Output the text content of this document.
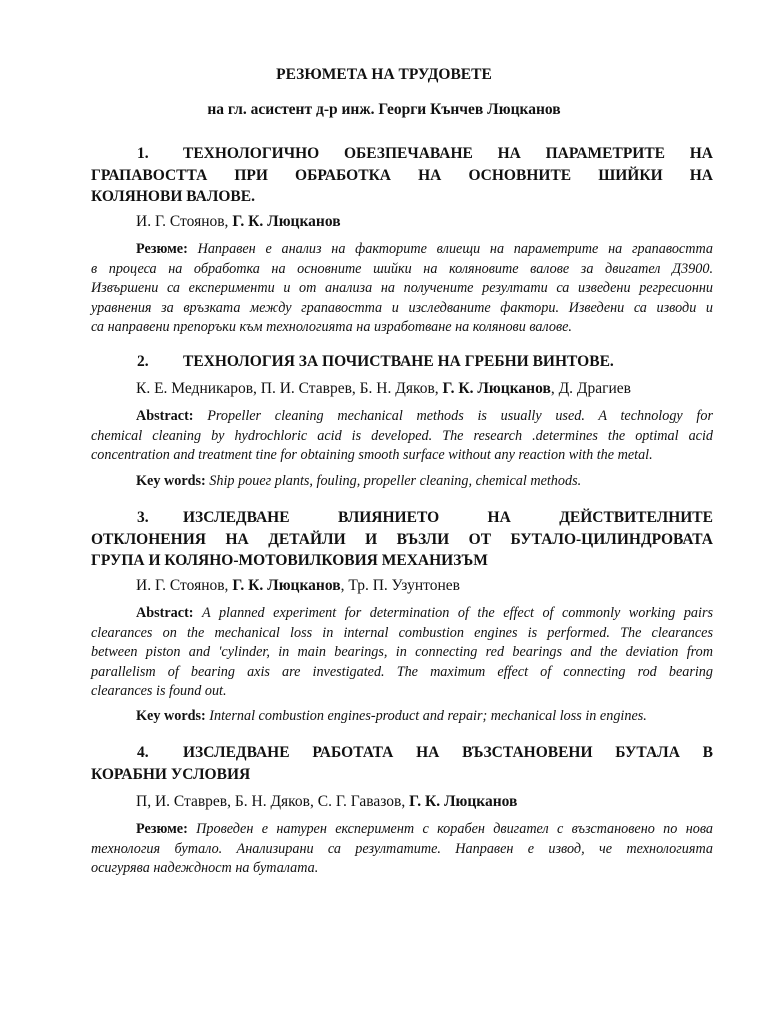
РЕЗЮМЕТА НА ТРУДОВЕТЕ
на гл. асистент д-р инж. Георги Кънчев Люцканов
1. ТЕХНОЛОГИЧНО ОБЕЗПЕЧАВАНЕ НА ПАРАМЕТРИТЕ НА
ГРАПАВОСТТА ПРИ ОБРАБОТКА НА ОСНОВНИТЕ ШИЙКИ НА
КОЛЯНОВИ ВАЛОВЕ.
И. Г. Стоянов, Г. К. Люцканов
Резюме: Направен е анализ на факторите влиещи на параметрите на грапавостта
в процеса на обработка на основните шийки на коляновите валове за двигател Д3900.
Извършени са експерименти и от анализа на получените резултати са изведени регресионни
уравнения за връзката между грапавостта и изследваните фактори. Изведени са изводи и
са направени препоръки към технологията на изработване на колянови валове.
2. ТЕХНОЛОГИЯ ЗА ПОЧИСТВАНЕ НА ГРЕБНИ ВИНТОВЕ.
К. Е. Медникаров, П. И. Ставрев, Б. Н. Дяков, Г. К. Люцканов, Д. Драгиев
Abstract: Propeller cleaning mechanical methods is usually used. A technology for
chemical cleaning by hydrochloric acid is developed. The research .determines the optimal acid
concentration and treatment tine for obtaining smooth surface without any reaction with the metal.
Key words: Ship роиег plants, fouling, propeller cleaning, chemical methods.
3. ИЗСЛЕДВАНЕ ВЛИЯНИЕТО НА ДЕЙСТВИТЕЛНИТЕ
ОТКЛОНЕНИЯ НА ДЕТАЙЛИ И ВЪЗЛИ ОТ БУТАЛО-ЦИЛИНДРОВАТА
ГРУПА И КОЛЯНО-МОТОВИЛКОВИЯ МЕХАНИЗЪМ
И. Г. Стоянов, Г. К. Люцканов, Тр. П. Узунтонев
Abstract: A planned experiment for determination of the effect of commonly working pairs
clearances on the mechanical loss in internal combustion engines is performed. The clearances
between piston and 'cylinder, in main bearings, in connecting red bearings and the deviation from
parallelism of bearing axis are investigated. The maximum effect of connecting rod bearing
clearances is found out.
Key words: Internal combustion engines-product and repair; mechanical loss in engines.
4. ИЗСЛЕДВАНЕ РАБОТАТА НА ВЪЗСТАНОВЕНИ БУТАЛА В
КОРАБНИ УСЛОВИЯ
П, И. Ставрев, Б. Н. Дяков, С. Г. Гавазов, Г. К. Люцканов
Резюме: Проведен е натурен експеримент с корабен двигател с възстановено по нова
технология бутало. Анализирани са резултатите. Направен е извод, че технологията
осигурява надеждност на буталата.
